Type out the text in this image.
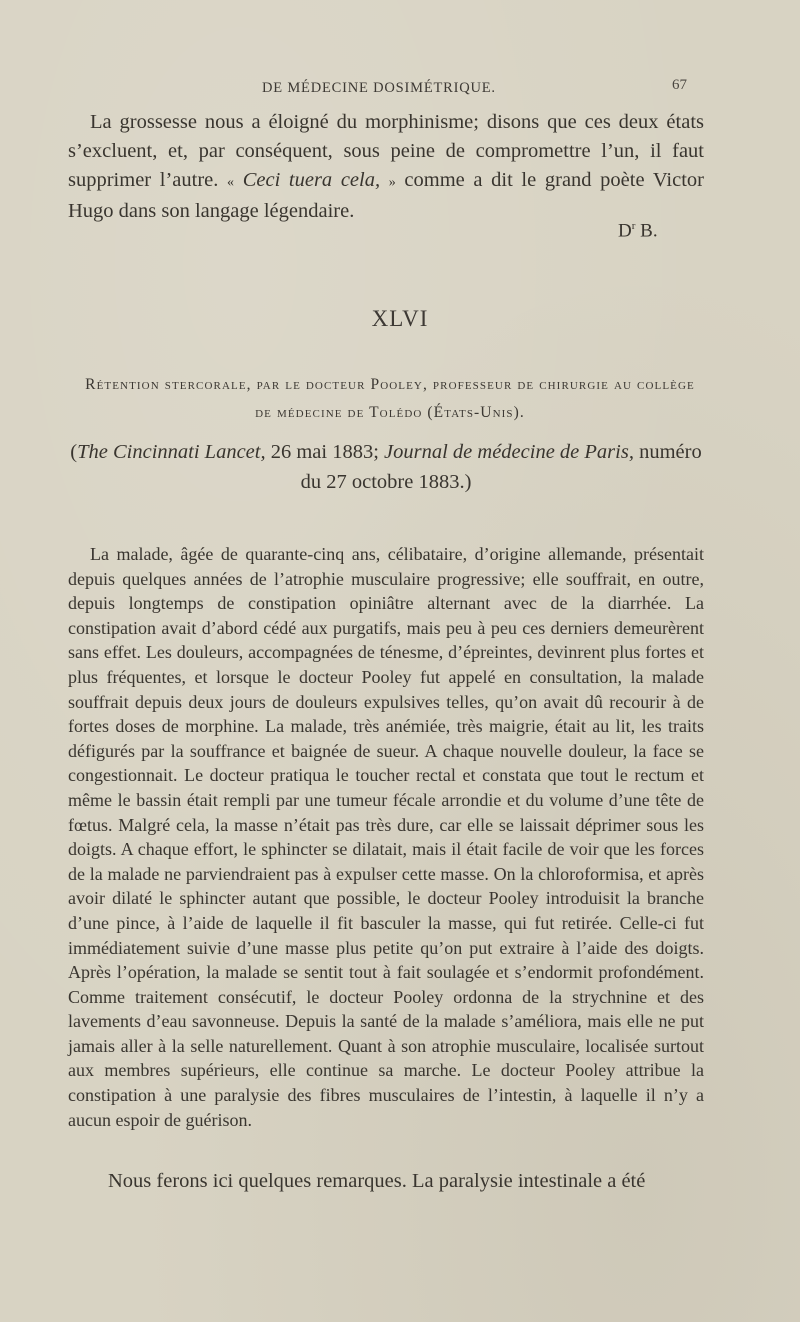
DE MÉDECINE DOSIMÉTRIQUE.	67

La grossesse nous a éloigné du morphinisme; disons que ces deux états s’excluent, et, par conséquent, sous peine de compromettre l’un, il faut supprimer l’autre. « Ceci tuera cela, » comme a dit le grand poète Victor Hugo dans son langage légendaire.

$D^r$ B.
XLVI
Rétention stercorale, par le docteur Pooley, professeur de chirurgie au collège de médecine de Tolédo (États-Unis).
(The Cincinnati Lancet, 26 mai 1883; Journal de médecine de Paris, numéro du 27 octobre 1883.)

La malade, âgée de quarante-cinq ans, célibataire, d’origine allemande, présentait depuis quelques années de l’atrophie musculaire progressive; elle souffrait, en outre, depuis longtemps de constipation opiniâtre alternant avec de la diarrhée. La constipation avait d’abord cédé aux purgatifs, mais peu à peu ces derniers demeurèrent sans effet. Les douleurs, accompagnées de ténesme, d’épreintes, devinrent plus fortes et plus fréquentes, et lorsque le docteur Pooley fut appelé en consultation, la malade souffrait depuis deux jours de douleurs expulsives telles, qu’on avait dû recourir à de fortes doses de morphine. La malade, très anémiée, très maigrie, était au lit, les traits défigurés par la souffrance et baignée de sueur. A chaque nouvelle douleur, la face se congestionnait. Le docteur pratiqua le toucher rectal et constata que tout le rectum et même le bassin était rempli par une tumeur fécale arrondie et du volume d’une tête de fœtus. Malgré cela, la masse n’était pas très dure, car elle se laissait déprimer sous les doigts. A chaque effort, le sphincter se dilatait, mais il était facile de voir que les forces de la malade ne parviendraient pas à expulser cette masse. On la chloroformisa, et après avoir dilaté le sphincter autant que possible, le docteur Pooley introduisit la branche d’une pince, à l’aide de laquelle il fit basculer la masse, qui fut retirée. Celle-ci fut immédiatement suivie d’une masse plus petite qu’on put extraire à l’aide des doigts. Après l’opération, la malade se sentit tout à fait soulagée et s’endormit profondément. Comme traitement consécutif, le docteur Pooley ordonna de la strychnine et des lavements d’eau savonneuse. Depuis la santé de la malade s’améliora, mais elle ne put jamais aller à la selle naturellement. Quant à son atrophie musculaire, localisée surtout aux membres supérieurs, elle continue sa marche. Le docteur Pooley attribue la constipation à une paralysie des fibres musculaires de l’intestin, à laquelle il n’y a aucun espoir de guérison.

Nous ferons ici quelques remarques. La paralysie intestinale a été
